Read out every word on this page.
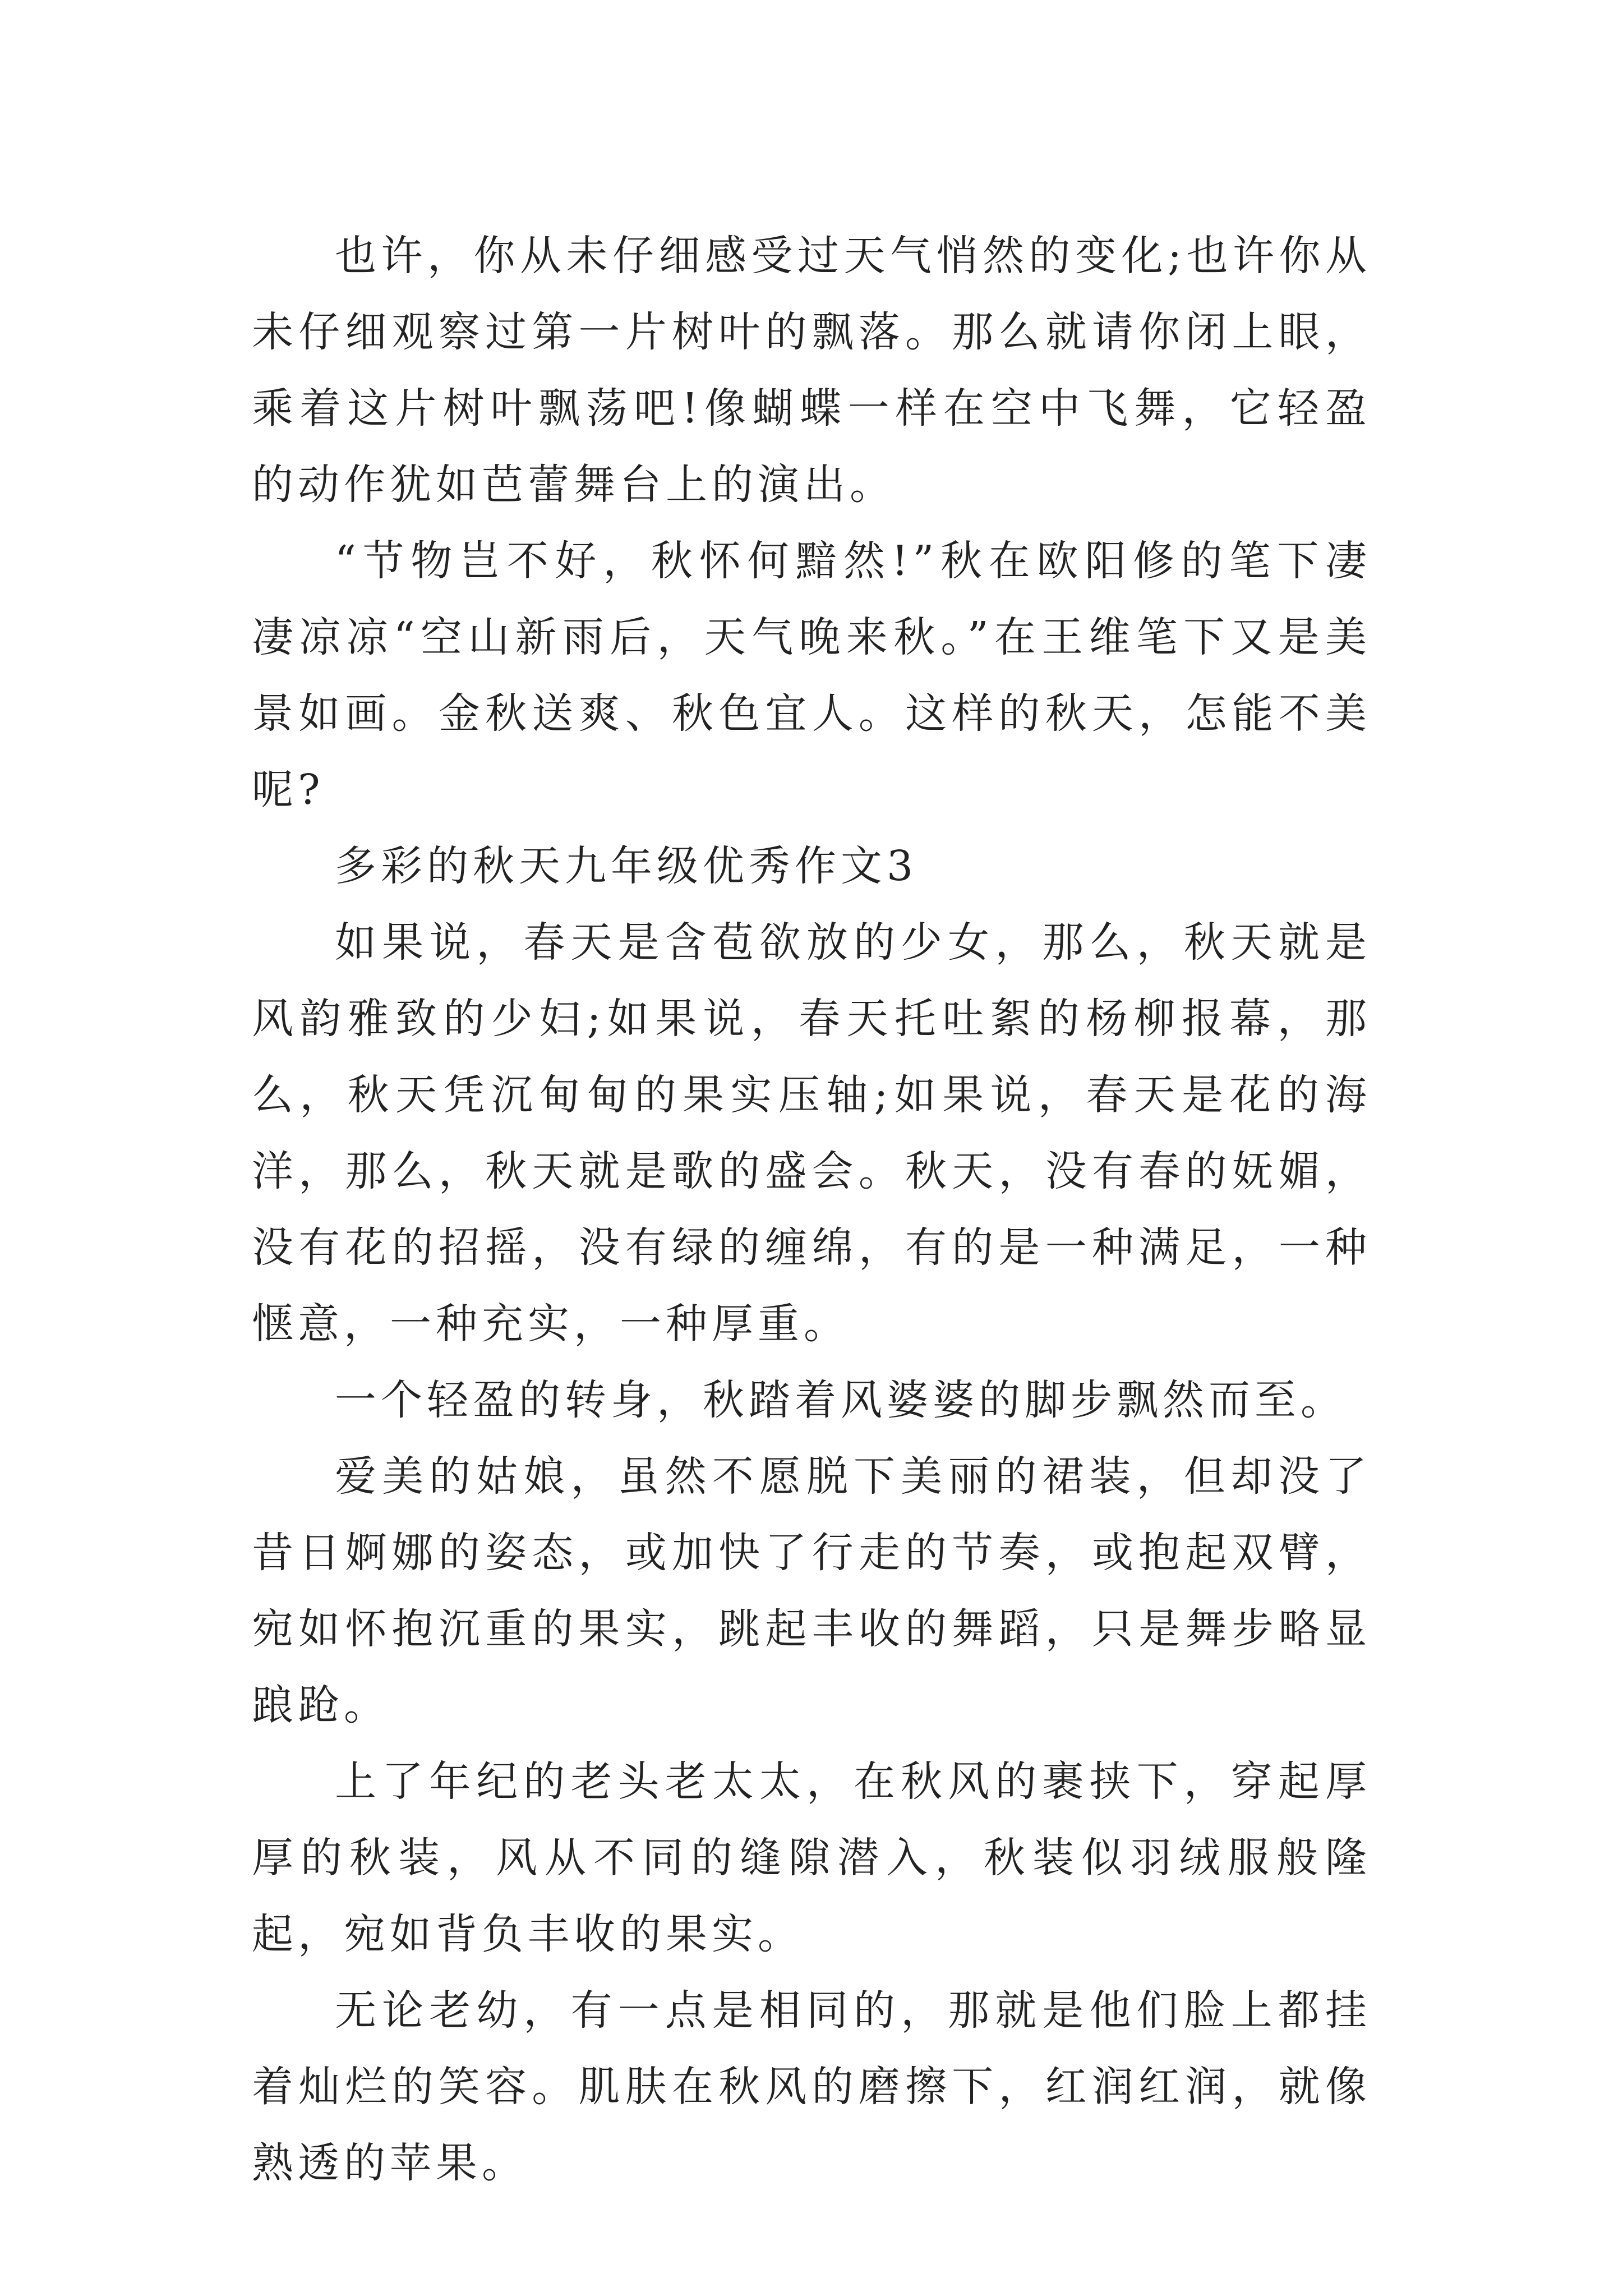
也许，你从未仔细感受过天气悄然的变化;也许你从未仔细观察过第一片树叶的飘落。那么就请你闭上眼，乘着这片树叶飘荡吧!像蝴蝶一样在空中飞舞，它轻盈的动作犹如芭蕾舞台上的演出。

“节物岂不好，秋怀何黯然!”秋在欧阳修的笔下凄凄凉凉“空山新雨后，天气晚来秋。”在王维笔下又是美景如画。金秋送爽、秋色宜人。这样的秋天，怎能不美呢?

多彩的秋天九年级优秀作文3

如果说，春天是含苞欲放的少女，那么，秋天就是风韵雅致的少妇;如果说，春天托吐絮的杨柳报幕，那么，秋天凭沉甸甸的果实压轴;如果说，春天是花的海洋，那么，秋天就是歌的盛会。秋天，没有春的妩媚，没有花的招摇，没有绿的缠绵，有的是一种满足，一种惬意，一种充实，一种厚重。

一个轻盈的转身，秋踏着风婆婆的脚步飘然而至。

爱美的姑娘，虽然不愿脱下美丽的裙装，但却没了昔日婀娜的姿态，或加快了行走的节奏，或抱起双臂，宛如怀抱沉重的果实，跳起丰收的舞蹈，只是舞步略显踉跄。

上了年纪的老头老太太，在秋风的裹挟下，穿起厚厚的秋装，风从不同的缝隙潜入，秋装似羽绒服般隆起，宛如背负丰收的果实。

无论老幼，有一点是相同的，那就是他们脸上都挂着灿烂的笑容。肌肤在秋风的磨擦下，红润红润，就像熟透的苹果。
